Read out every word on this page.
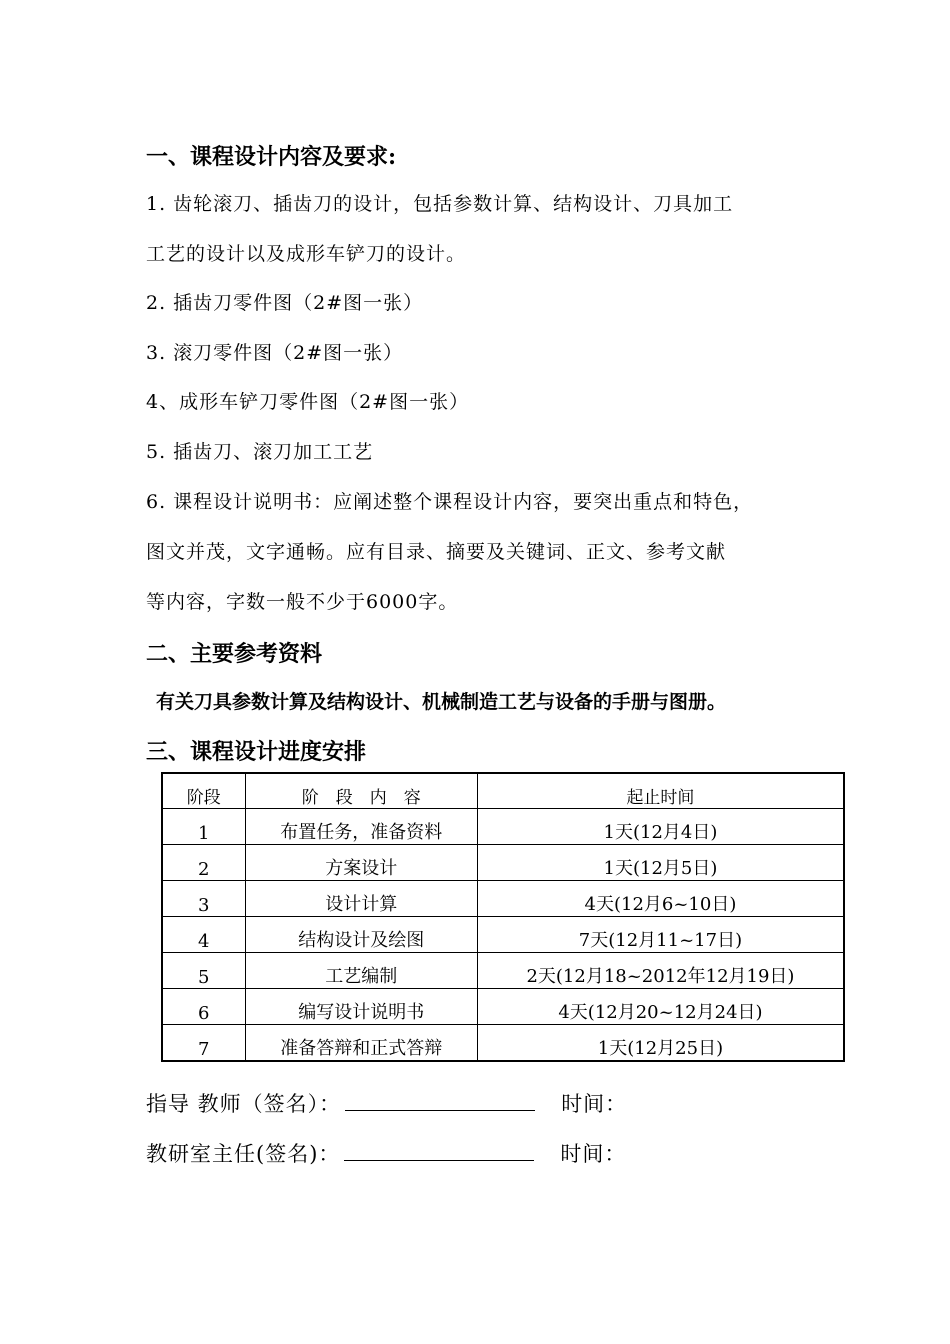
一、课程设计内容及要求:
1. 齿轮滚刀、插齿刀的设计，包括参数计算、结构设计、刀具加工
工艺的设计以及成形车铲刀的设计。
2. 插齿刀零件图（2#图一张）
3. 滚刀零件图（2#图一张）
4、成形车铲刀零件图（2#图一张）
5. 插齿刀、滚刀加工工艺
6. 课程设计说明书：应阐述整个课程设计内容，要突出重点和特色，
图文并茂，文字通畅。应有目录、摘要及关键词、正文、参考文献
等内容，字数一般不少于6000字。
二、主要参考资料
有关刀具参数计算及结构设计、机械制造工艺与设备的手册与图册。
三、课程设计进度安排
阶段	阶　段　内　容	起止时间
1	布置任务，准备资料	1天(12月4日)
2	方案设计	1天(12月5日)
3	设计计算	4天(12月6~10日)
4	结构设计及绘图	7天(12月11~17日)
5	工艺编制	2天(12月18~2012年12月19日)
6	编写设计说明书	4天(12月20~12月24日)
7	准备答辩和正式答辩	1天(12月25日)
指导 教师（签名）：	时间：
教研室主任(签名)：	时间：
